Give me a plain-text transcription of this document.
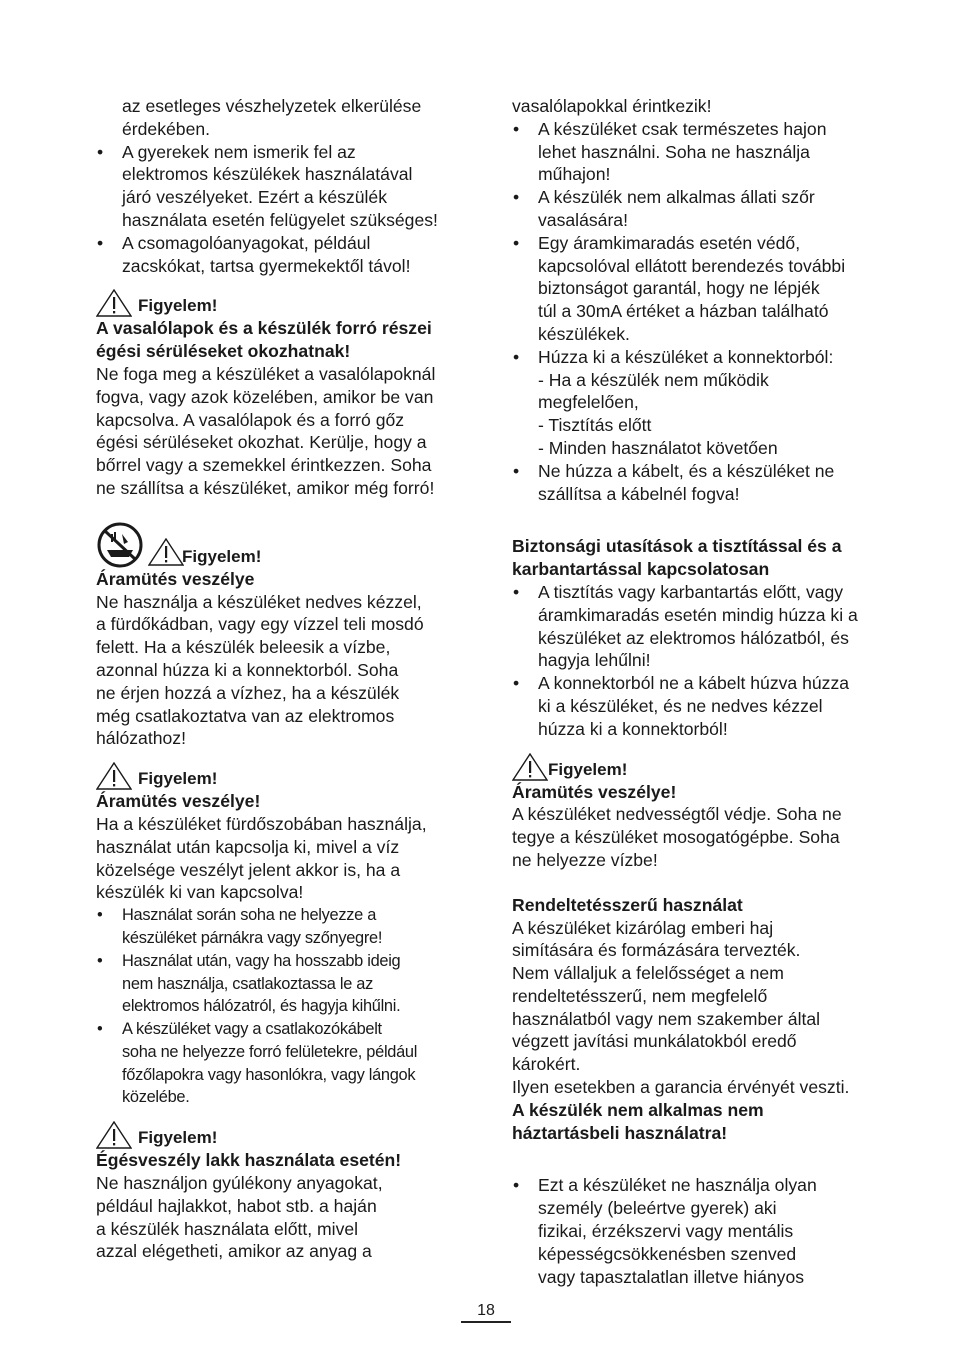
az esetleges vészhelyzetek elkerülése

érdekében.

• A gyerekek nem ismerik fel az
elektromos készülékek használatával
járó veszélyeket. Ezért a készülék
használata esetén felügyelet szükséges!
• A csomagolóanyagokat, például
zacskókat, tartsa gyermekektől távol!
Figyelem!

A vasalólapok és a készülék forró részei

égési sérüléseket okozhatnak!

Ne foga meg a készüléket a vasalólapoknál

fogva, vagy azok közelében, amikor be van

kapcsolva. A vasalólapok és a forró gőz

égési sérüléseket okozhat. Kerülje, hogy a

bőrrel vagy a szemekkel érintkezzen. Soha

ne szállítsa a készüléket, amikor még forró!

Figyelem!

Áramütés veszélye

Ne használja a készüléket nedves kézzel,

a fürdőkádban, vagy egy vízzel teli mosdó

felett. Ha a készülék beleesik a vízbe,

azonnal húzza ki a konnektorból. Soha

ne érjen hozzá a vízhez, ha a készülék

még csatlakoztatva van az elektromos

hálózathoz!

Figyelem!

Áramütés veszélye!

Ha a készüléket fürdőszobában használja,

használat után kapcsolja ki, mivel a víz

közelsége veszélyt jelent akkor is, ha a

készülék ki van kapcsolva!

• Használat során soha ne helyezze a
készüléket párnákra vagy szőnyegre!
• Használat után, vagy ha hosszabb ideig
nem használja, csatlakoztassa le az
elektromos hálózatról, és hagyja kihűlni.
• A készüléket vagy a csatlakozókábelt
soha ne helyezze forró felületekre, például
főzőlapokra vagy hasonlókra, vagy lángok
közelébe.
Figyelem!

Égésveszély lakk használata esetén!

Ne használjon gyúlékony anyagokat,

például hajlakkot, habot stb. a haján

a készülék használata előtt, mivel

azzal elégetheti, amikor az anyag a

vasalólapokkal érintkezik!

• A készüléket csak természetes hajon
lehet használni. Soha ne használja
műhajon!
• A készülék nem alkalmas állati szőr
vasalására!
• Egy áramkimaradás esetén védő,
kapcsolóval ellátott berendezés további
biztonságot garantál, hogy ne lépjék
túl a 30mA értéket a házban található
készülékek.
• Húzza ki a készüléket a konnektorból:
- Ha a készülék nem működik
megfelelően,
- Tisztítás előtt
- Minden használatot követően
• Ne húzza a kábelt, és a készüléket ne
szállítsa a kábelnél fogva!

Biztonsági utasítások a tisztítással és a

karbantartással kapcsolatosan

• A tisztítás vagy karbantartás előtt, vagy
áramkimaradás esetén mindig húzza ki a
készüléket az elektromos hálózatból, és
hagyja lehűlni!
• A konnektorból ne a kábelt húzva húzza
ki a készüléket, és ne nedves kézzel
húzza ki a konnektorból!
Figyelem!

Áramütés veszélye!

A készüléket nedvességtől védje. Soha ne

tegye a készüléket mosogatógépbe. Soha

ne helyezze vízbe!

Rendeltetésszerű használat

A készüléket kizárólag emberi haj

simítására és formázására tervezték.

Nem vállaljuk a felelősséget a nem

rendeltetésszerű, nem megfelelő

használatból vagy nem szakember által

végzett javítási munkálatokból eredő

károkért.

Ilyen esetekben a garancia érvényét veszti.

A készülék nem alkalmas nem

háztartásbeli használatra!

• Ezt a készüléket ne használja olyan
személy (beleértve gyerek) aki
fizikai, érzékszervi vagy mentális
képességcsökkenésben szenved
vagy tapasztalatlan illetve hiányos
18
